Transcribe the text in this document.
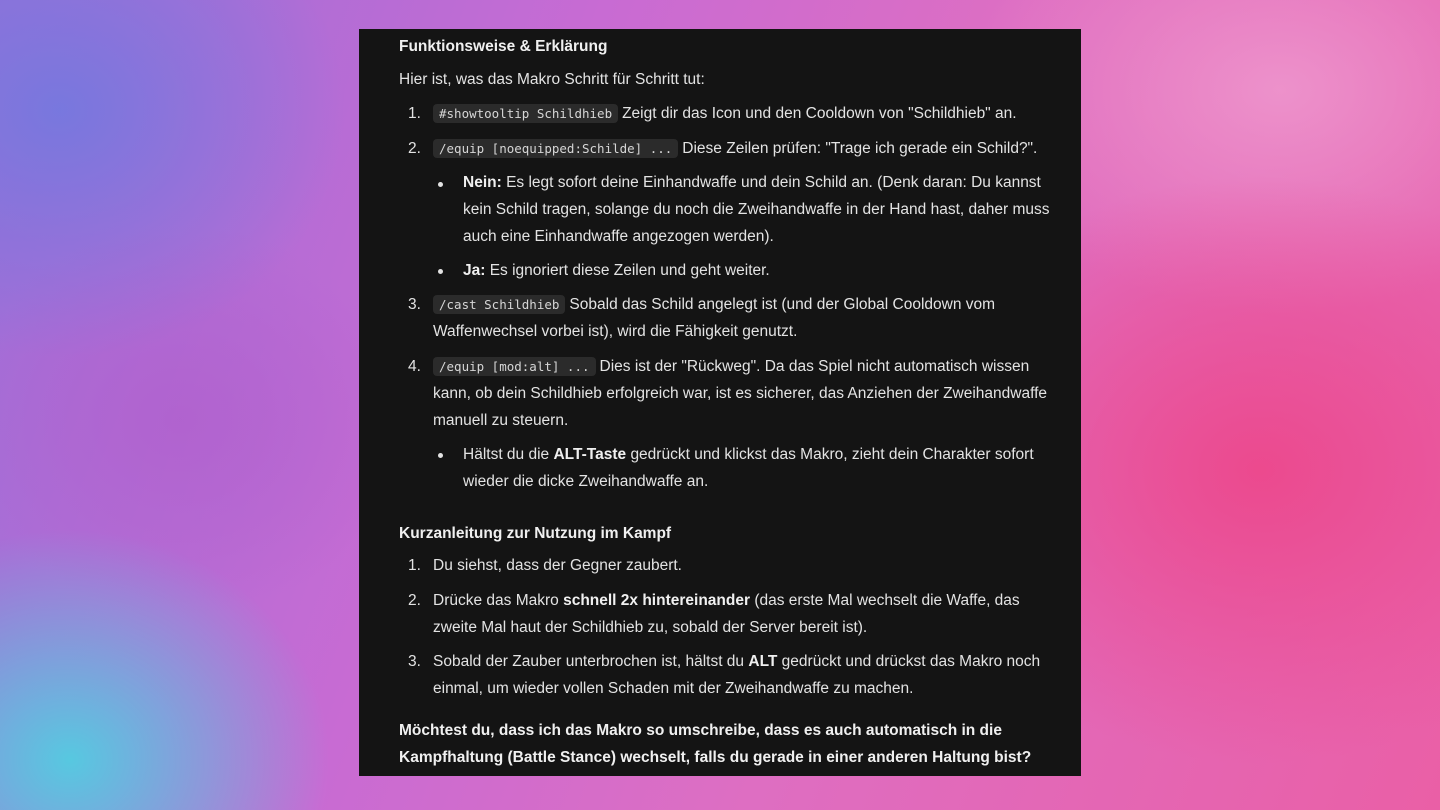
Funktionsweise & Erklärung
Hier ist, was das Makro Schritt für Schritt tut:
1.	#showtooltip Schildhieb Zeigt dir das Icon und den Cooldown von "Schildhieb" an.
2.	/equip [noequipped:Schilde] ... Diese Zeilen prüfen: "Trage ich gerade ein Schild?".
Nein: Es legt sofort deine Einhandwaffe und dein Schild an. (Denk daran: Du kannst
kein Schild tragen, solange du noch die Zweihandwaffe in der Hand hast, daher muss
auch eine Einhandwaffe angezogen werden).
Ja: Es ignoriert diese Zeilen und geht weiter.
3.	/cast Schildhieb Sobald das Schild angelegt ist (und der Global Cooldown vom
Waffenwechsel vorbei ist), wird die Fähigkeit genutzt.
4.	/equip [mod:alt] ... Dies ist der "Rückweg". Da das Spiel nicht automatisch wissen
kann, ob dein Schildhieb erfolgreich war, ist es sicherer, das Anziehen der Zweihandwaffe
manuell zu steuern.
Hältst du die ALT-Taste gedrückt und klickst das Makro, zieht dein Charakter sofort
wieder die dicke Zweihandwaffe an.
Kurzanleitung zur Nutzung im Kampf
1. Du siehst, dass der Gegner zaubert.
2. Drücke das Makro schnell 2x hintereinander (das erste Mal wechselt die Waffe, das
zweite Mal haut der Schildhieb zu, sobald der Server bereit ist).
3. Sobald der Zauber unterbrochen ist, hältst du ALT gedrückt und drückst das Makro noch
einmal, um wieder vollen Schaden mit der Zweihandwaffe zu machen.
Möchtest du, dass ich das Makro so umschreibe, dass es auch automatisch in die
Kampfhaltung (Battle Stance) wechselt, falls du gerade in einer anderen Haltung bist?
